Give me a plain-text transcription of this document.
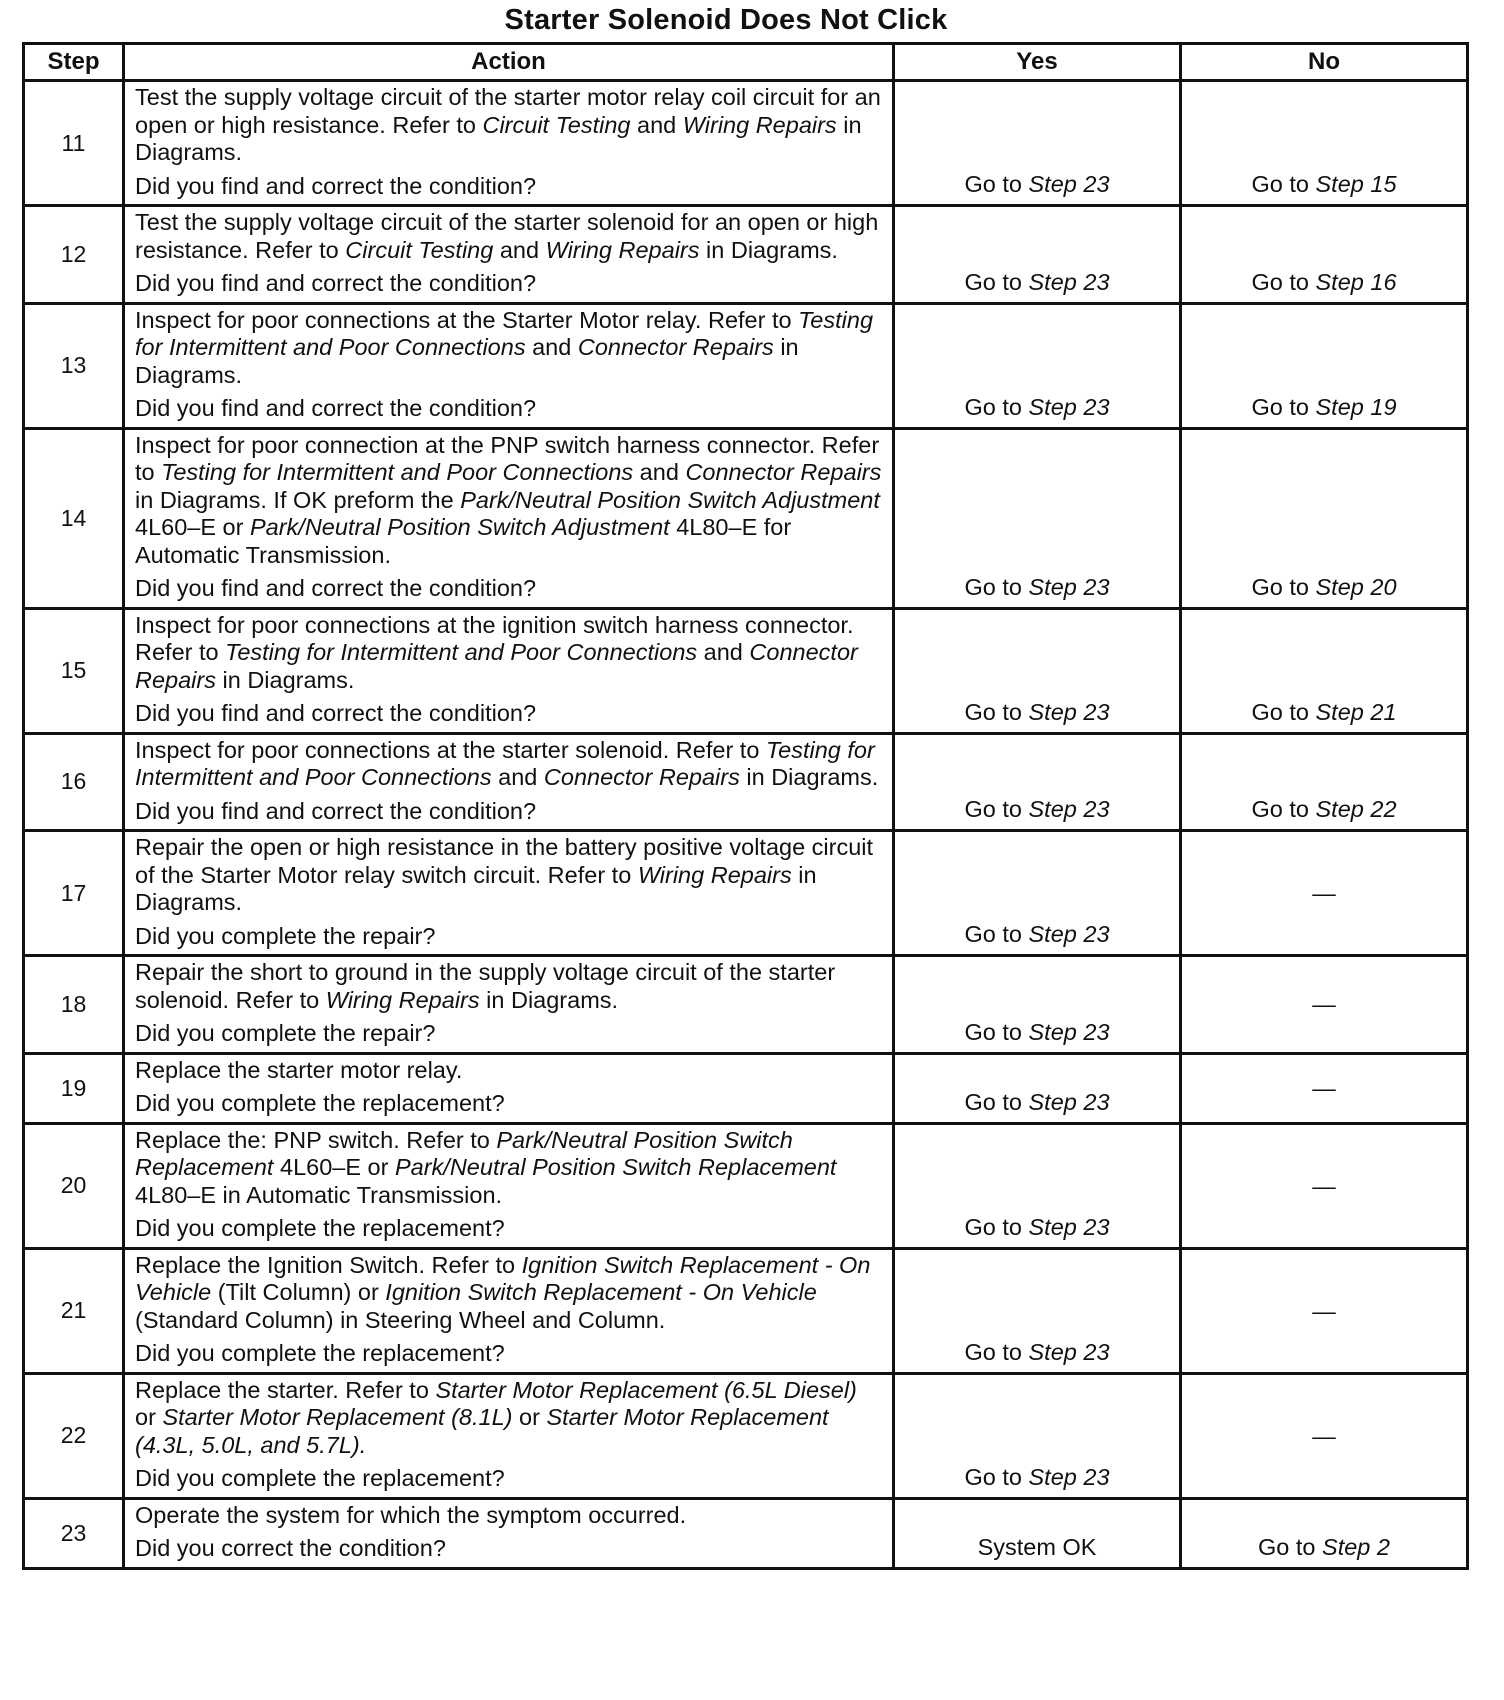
Starter Solenoid Does Not Click
Step	Action	Yes	No
11	Test the supply voltage circuit of the starter motor relay coil circuit for an open or high resistance. Refer to Circuit Testing and Wiring Repairs in Diagrams.
Did you find and correct the condition?	Go to Step 23	Go to Step 15
12	Test the supply voltage circuit of the starter solenoid for an open or high resistance. Refer to Circuit Testing and Wiring Repairs in Diagrams.
Did you find and correct the condition?	Go to Step 23	Go to Step 16
13	Inspect for poor connections at the Starter Motor relay. Refer to Testing for Intermittent and Poor Connections and Connector Repairs in Diagrams.
Did you find and correct the condition?	Go to Step 23	Go to Step 19
14	Inspect for poor connection at the PNP switch harness connector. Refer to Testing for Intermittent and Poor Connections and Connector Repairs in Diagrams. If OK preform the Park/Neutral Position Switch Adjustment 4L60–E or Park/Neutral Position Switch Adjustment 4L80–E for Automatic Transmission.
Did you find and correct the condition?	Go to Step 23	Go to Step 20
15	Inspect for poor connections at the ignition switch harness connector. Refer to Testing for Intermittent and Poor Connections and Connector Repairs in Diagrams.
Did you find and correct the condition?	Go to Step 23	Go to Step 21
16	Inspect for poor connections at the starter solenoid. Refer to Testing for Intermittent and Poor Connections and Connector Repairs in Diagrams.
Did you find and correct the condition?	Go to Step 23	Go to Step 22
17	Repair the open or high resistance in the battery positive voltage circuit of the Starter Motor relay switch circuit. Refer to Wiring Repairs in Diagrams.
Did you complete the repair?	Go to Step 23	—
18	Repair the short to ground in the supply voltage circuit of the starter solenoid. Refer to Wiring Repairs in Diagrams.
Did you complete the repair?	Go to Step 23	—
19	Replace the starter motor relay.
Did you complete the replacement?	Go to Step 23	—
20	Replace the: PNP switch. Refer to Park/Neutral Position Switch Replacement 4L60–E or Park/Neutral Position Switch Replacement 4L80–E in Automatic Transmission.
Did you complete the replacement?	Go to Step 23	—
21	Replace the Ignition Switch. Refer to Ignition Switch Replacement - On Vehicle (Tilt Column) or Ignition Switch Replacement - On Vehicle (Standard Column) in Steering Wheel and Column.
Did you complete the replacement?	Go to Step 23	—
22	Replace the starter. Refer to Starter Motor Replacement (6.5L Diesel) or Starter Motor Replacement (8.1L) or Starter Motor Replacement (4.3L, 5.0L, and 5.7L).
Did you complete the replacement?	Go to Step 23	—
23	Operate the system for which the symptom occurred.
Did you correct the condition?	System OK	Go to Step 2
